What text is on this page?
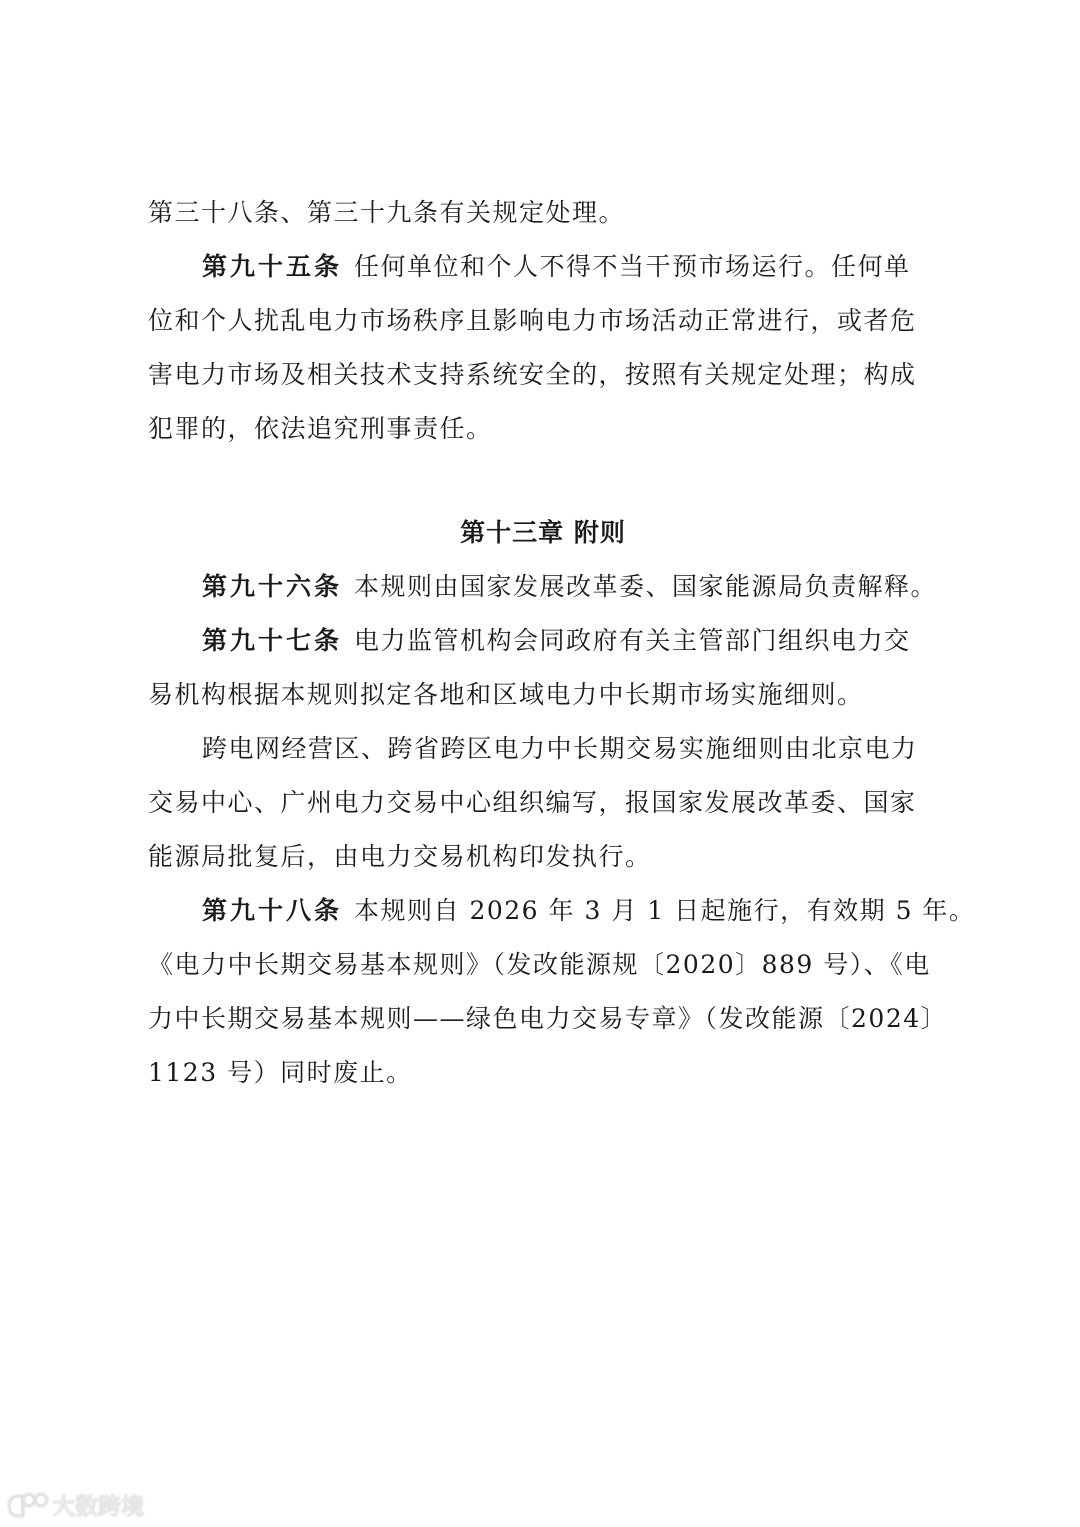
第三十八条、第三十九条有关规定处理。
第九十五条 任何单位和个人不得不当干预市场运行。任何单
位和个人扰乱电力市场秩序且影响电力市场活动正常进行，或者危
害电力市场及相关技术支持系统安全的，按照有关规定处理；构成
犯罪的，依法追究刑事责任。
第十三章 附则
第九十六条 本规则由国家发展改革委、国家能源局负责解释。
第九十七条 电力监管机构会同政府有关主管部门组织电力交
易机构根据本规则拟定各地和区域电力中长期市场实施细则。
跨电网经营区、跨省跨区电力中长期交易实施细则由北京电力
交易中心、广州电力交易中心组织编写，报国家发展改革委、国家
能源局批复后，由电力交易机构印发执行。
第九十八条 本规则自 2026 年 3 月 1 日起施行，有效期 5 年。
《电力中长期交易基本规则》（发改能源规〔2020〕889 号）、《电
力中长期交易基本规则——绿色电力交易专章》（发改能源〔2024〕
1123 号）同时废止。
大数跨境
